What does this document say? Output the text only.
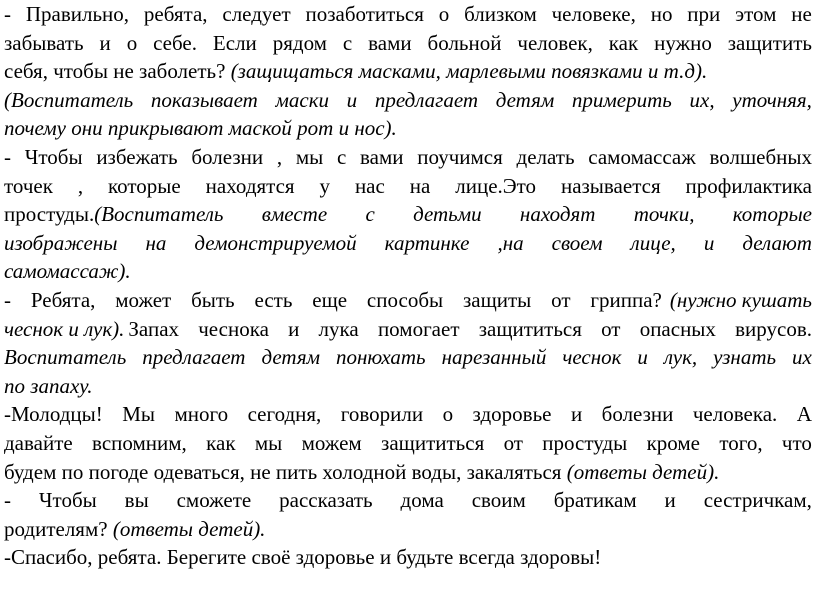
- Правильно, ребята, следует позаботиться о близком человеке, но при этом не
забывать и о себе. Если рядом с вами больной человек, как нужно защитить
себя, чтобы не заболеть? (защищаться масками, марлевыми повязками и т.д).
(Воспитатель показывает маски и предлагает детям примерить их, уточняя,
почему они прикрывают маской рот и нос).
- Чтобы избежать болезни , мы с вами поучимся делать самомассаж волшебных
точек , которые находятся у нас на лице.Это называется профилактика
простуды. (Воспитатель вместе с детьми находят точки, которые
изображены на демонстрируемой картинке ,на своем лице, и делают
самомассаж).
- Ребята, может быть есть еще способы защиты от гриппа? (нужно кушать
чеснок и лук). Запах чеснока и лука помогает защититься от опасных вирусов.
Воспитатель предлагает детям понюхать нарезанный чеснок и лук, узнать их
по запаху.
-Молодцы! Мы много сегодня, говорили о здоровье и болезни человека. А
давайте вспомним, как мы можем защититься от простуды кроме того, что
будем по погоде одеваться, не пить холодной воды, закаляться (ответы детей).
- Чтобы вы сможете рассказать дома своим братикам и сестричкам,
родителям? (ответы детей).
-Спасибо, ребята. Берегите своё здоровье и будьте всегда здоровы!
